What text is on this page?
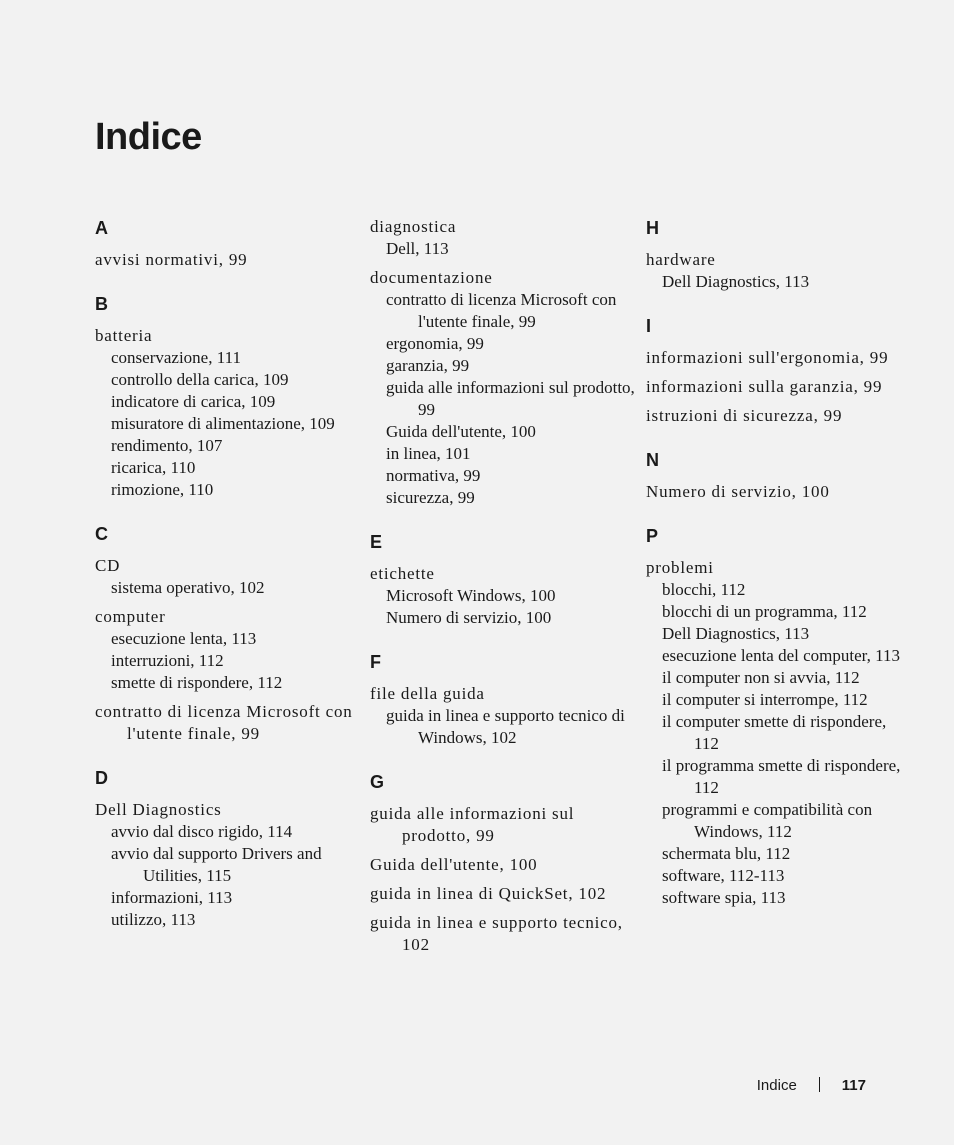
Indice
A
avvisi normativi, 99
B
batteria
conservazione, 111
controllo della carica, 109
indicatore di carica, 109
misuratore di alimentazione, 109
rendimento, 107
ricarica, 110
rimozione, 110
C
CD
sistema operativo, 102
computer
esecuzione lenta, 113
interruzioni, 112
smette di rispondere, 112
contratto di licenza Microsoft con l'utente finale, 99
D
Dell Diagnostics
avvio dal disco rigido, 114
avvio dal supporto Drivers and Utilities, 115
informazioni, 113
utilizzo, 113
diagnostica
Dell, 113
documentazione
contratto di licenza Microsoft con l'utente finale, 99
ergonomia, 99
garanzia, 99
guida alle informazioni sul prodotto, 99
Guida dell'utente, 100
in linea, 101
normativa, 99
sicurezza, 99
E
etichette
Microsoft Windows, 100
Numero di servizio, 100
F
file della guida
guida in linea e supporto tecnico di Windows, 102
G
guida alle informazioni sul prodotto, 99
Guida dell'utente, 100
guida in linea di QuickSet, 102
guida in linea e supporto tecnico, 102
H
hardware
Dell Diagnostics, 113
I
informazioni sull'ergonomia, 99
informazioni sulla garanzia, 99
istruzioni di sicurezza, 99
N
Numero di servizio, 100
P
problemi
blocchi, 112
blocchi di un programma, 112
Dell Diagnostics, 113
esecuzione lenta del computer, 113
il computer non si avvia, 112
il computer si interrompe, 112
il computer smette di rispondere, 112
il programma smette di rispondere, 112
programmi e compatibilità con Windows, 112
schermata blu, 112
software, 112-113
software spia, 113
Indice	117
